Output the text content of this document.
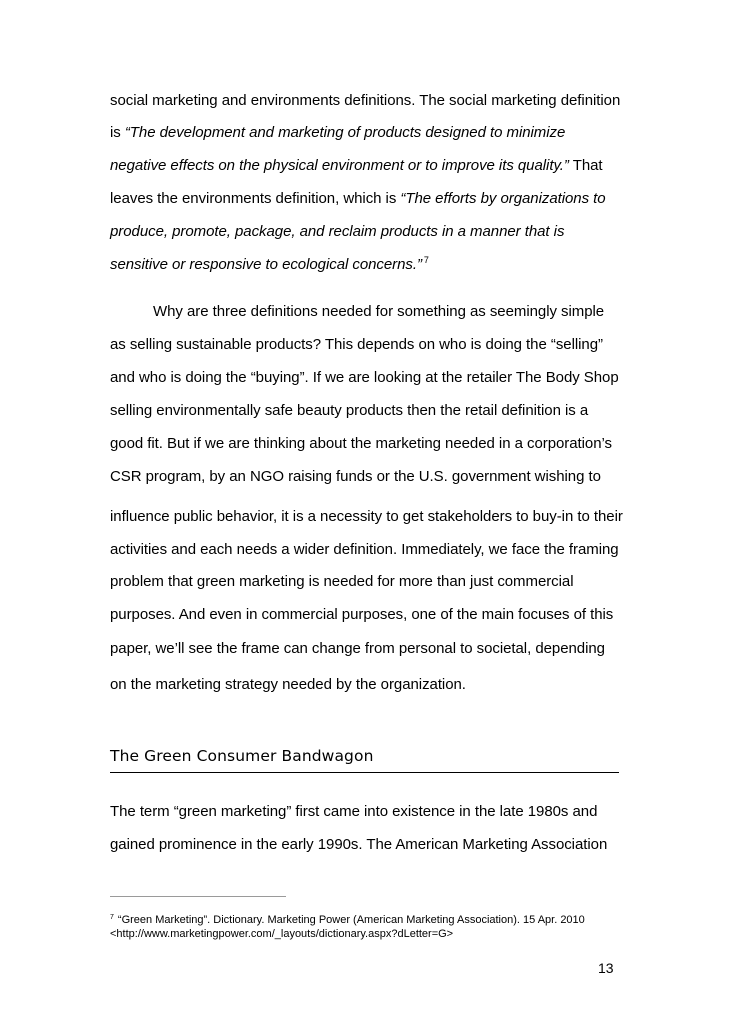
social marketing and environments definitions. The social marketing definition
is “The development and marketing of products designed to minimize
negative effects on the physical environment or to improve its quality.” That
leaves the environments definition, which is “The efforts by organizations to
produce, promote, package, and reclaim products in a manner that is
sensitive or responsive to ecological concerns.” $^7$
Why are three definitions needed for something as seemingly simple
as selling sustainable products? This depends on who is doing the “selling”
and who is doing the “buying”. If we are looking at the retailer The Body Shop
selling environmentally safe beauty products then the retail definition is a
good fit. But if we are thinking about the marketing needed in a corporation’s
CSR program, by an NGO raising funds or the U.S. government wishing to
influence public behavior, it is a necessity to get stakeholders to buy-in to their
activities and each needs a wider definition. Immediately, we face the framing
problem that green marketing is needed for more than just commercial
purposes. And even in commercial purposes, one of the main focuses of this
paper, we’ll see the frame can change from personal to societal, depending
on the marketing strategy needed by the organization.
The Green Consumer Bandwagon
The term “green marketing” first came into existence in the late 1980s and
gained prominence in the early 1990s. The American Marketing Association
$^7$ “Green Marketing”. Dictionary. Marketing Power (American Marketing Association). 15 Apr. 2010
<http://www.marketingpower.com/_layouts/dictionary.aspx?dLetter=G>
13
